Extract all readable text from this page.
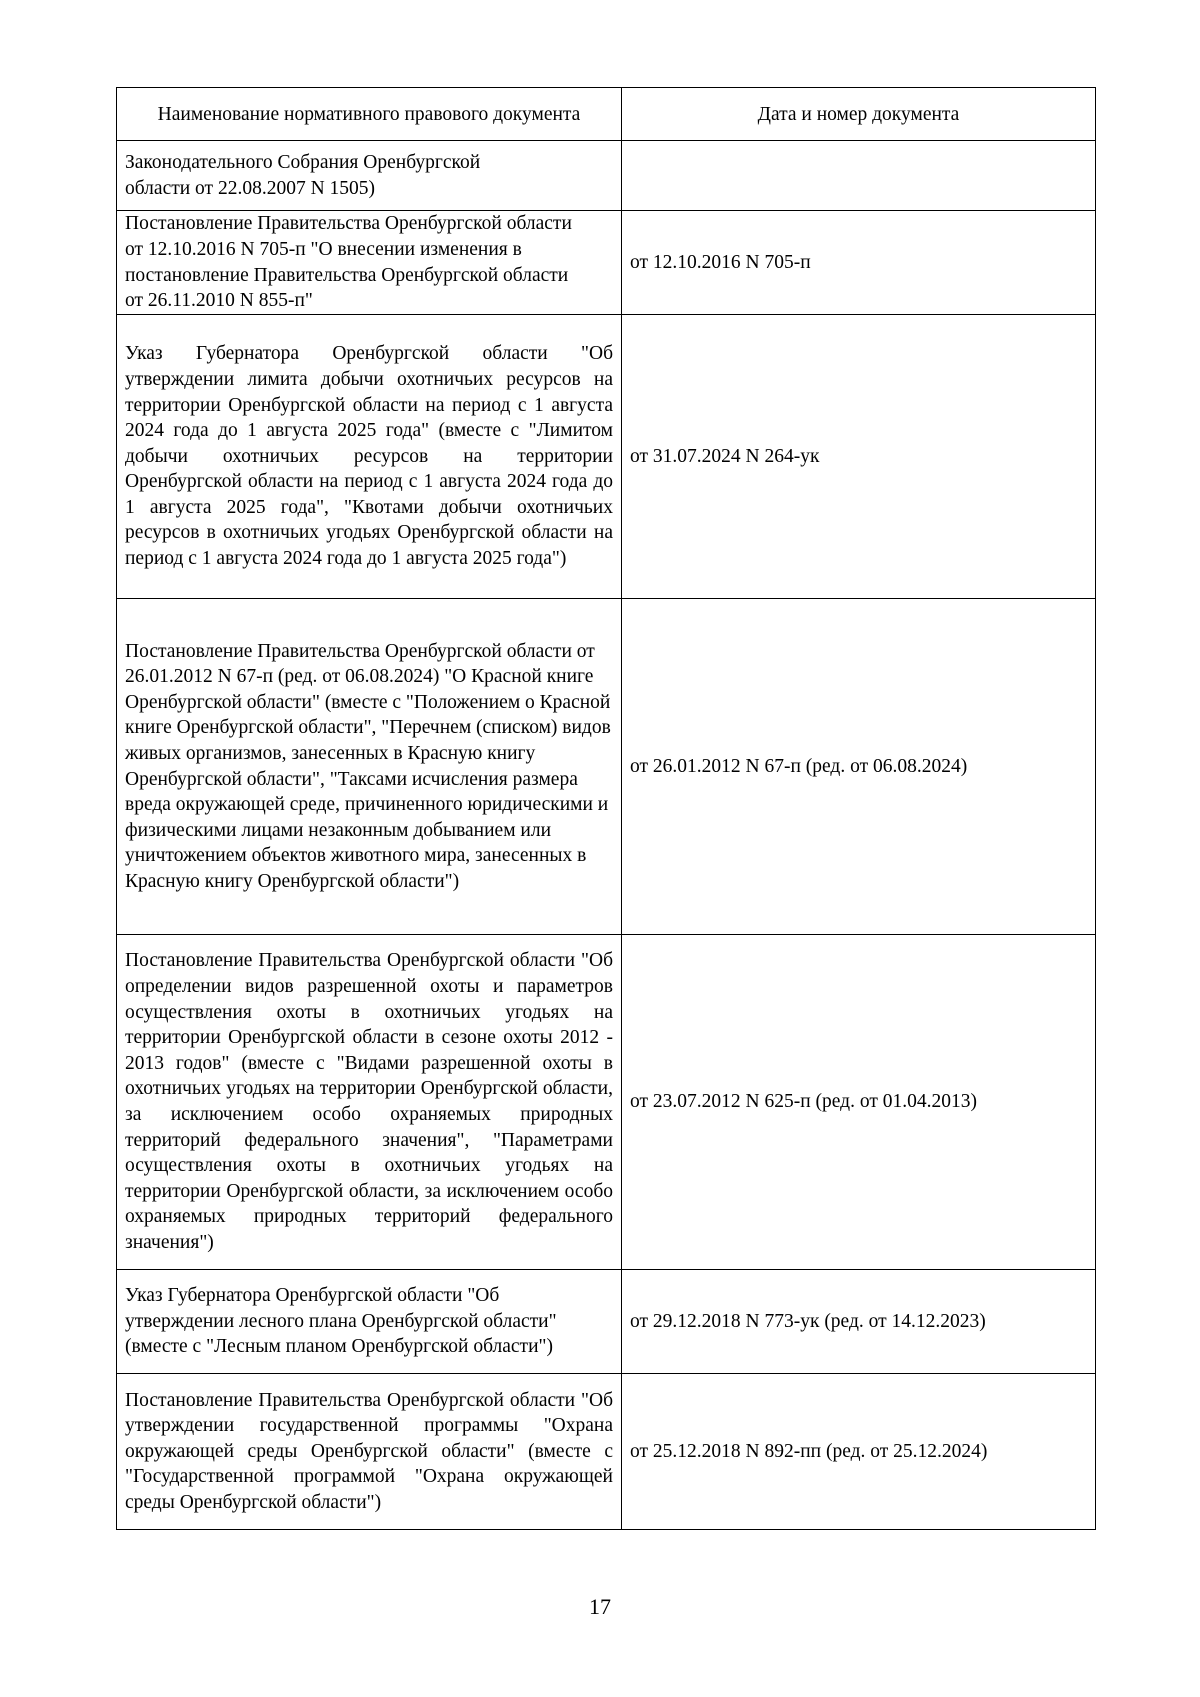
Наименование нормативного правового документа	Дата и номер документа

Законодательного Собрания Оренбургской области от 22.08.2007 N 1505)	

Постановление Правительства Оренбургской области от 12.10.2016 N 705-п "О внесении изменения в постановление Правительства Оренбургской области от 26.11.2010 N 855-п"	от 12.10.2016 N 705-п

Указ Губернатора Оренбургской области "Об утверждении лимита добычи охотничьих ресурсов на территории Оренбургской области на период с 1 августа 2024 года до 1 августа 2025 года" (вместе с "Лимитом добычи охотничьих ресурсов на территории Оренбургской области на период с 1 августа 2024 года до 1 августа 2025 года", "Квотами добычи охотничьих ресурсов в охотничьих угодьях Оренбургской области на период с 1 августа 2024 года до 1 августа 2025 года")	от 31.07.2024 N 264-ук

Постановление Правительства Оренбургской области от 26.01.2012 N 67-п (ред. от 06.08.2024) "О Красной книге Оренбургской области" (вместе с "Положением о Красной книге Оренбургской области", "Перечнем (списком) видов живых организмов, занесенных в Красную книгу Оренбургской области", "Таксами исчисления размера вреда окружающей среде, причиненного юридическими и физическими лицами незаконным добыванием или уничтожением объектов животного мира, занесенных в Красную книгу Оренбургской области")	от 26.01.2012 N 67-п (ред. от 06.08.2024)

Постановление Правительства Оренбургской области "Об определении видов разрешенной охоты и параметров осуществления охоты в охотничьих угодьях на территории Оренбургской области в сезоне охоты 2012 - 2013 годов" (вместе с "Видами разрешенной охоты в охотничьих угодьях на территории Оренбургской области, за исключением особо охраняемых природных территорий федерального значения", "Параметрами осуществления охоты в охотничьих угодьях на территории Оренбургской области, за исключением особо охраняемых природных территорий федерального значения")	от 23.07.2012 N 625-п (ред. от 01.04.2013)

Указ Губернатора Оренбургской области "Об утверждении лесного плана Оренбургской области" (вместе с "Лесным планом Оренбургской области")	от 29.12.2018 N 773-ук (ред. от 14.12.2023)

Постановление Правительства Оренбургской области "Об утверждении государственной программы "Охрана окружающей среды Оренбургской области" (вместе с "Государственной программой "Охрана окружающей среды Оренбургской области")	от 25.12.2018 N 892-пп (ред. от 25.12.2024)
17
